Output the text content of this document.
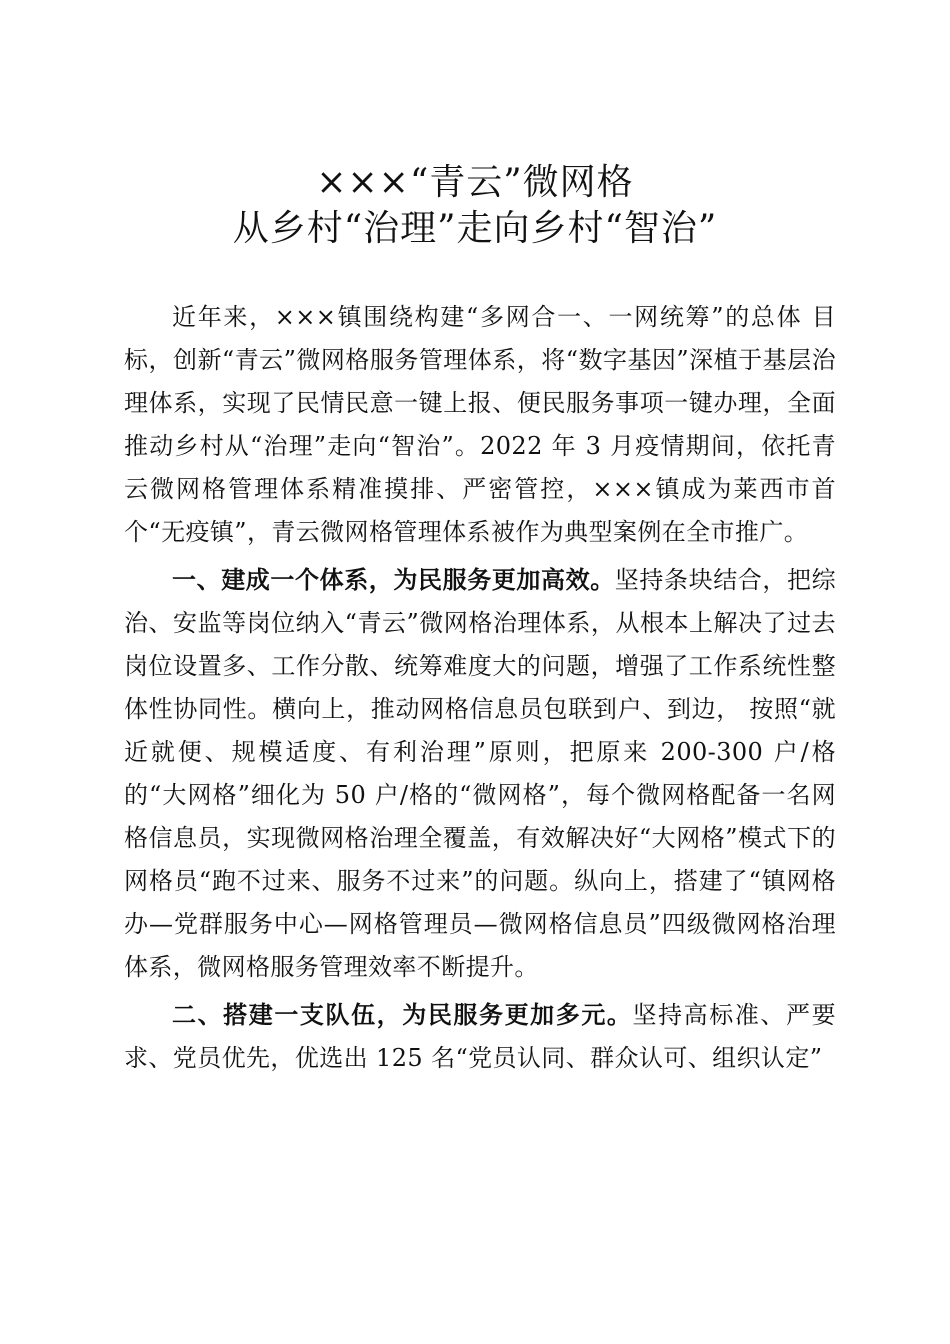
×××“青云”微网格
从乡村“治理”走向乡村“智治”

近年来，×××镇围绕构建“多网合一、一网统筹”的总体 目标，创新“青云”微网格服务管理体系，将“数字基因”深植于基层治理体系，实现了民情民意一键上报、便民服务事项一键办理，全面推动乡村从“治理”走向“智治”。2022 年 3 月疫情期间，依托青云微网格管理体系精准摸排、严密管控，×××镇成为莱西市首个“无疫镇”，青云微网格管理体系被作为典型案例在全市推广。

一、建成一个体系，为民服务更加高效。坚持条块结合，把综治、安监等岗位纳入“青云”微网格治理体系，从根本上解决了过去岗位设置多、工作分散、统筹难度大的问题，增强了工作系统性整体性协同性。横向上，推动网格信息员包联到户、到边， 按照“就近就便、规模适度、有利治理”原则，把原来 200-300 户/格的“大网格”细化为 50 户/格的“微网格”，每个微网格配备一名网格信息员，实现微网格治理全覆盖，有效解决好“大网格”模式下的网格员“跑不过来、服务不过来”的问题。纵向上，搭建了“镇网格办—党群服务中心—网格管理员—微网格信息员”四级微网格治理体系，微网格服务管理效率不断提升。

二、搭建一支队伍，为民服务更加多元。坚持高标准、严要求、党员优先，优选出 125 名“党员认同、群众认可、组织认定”
